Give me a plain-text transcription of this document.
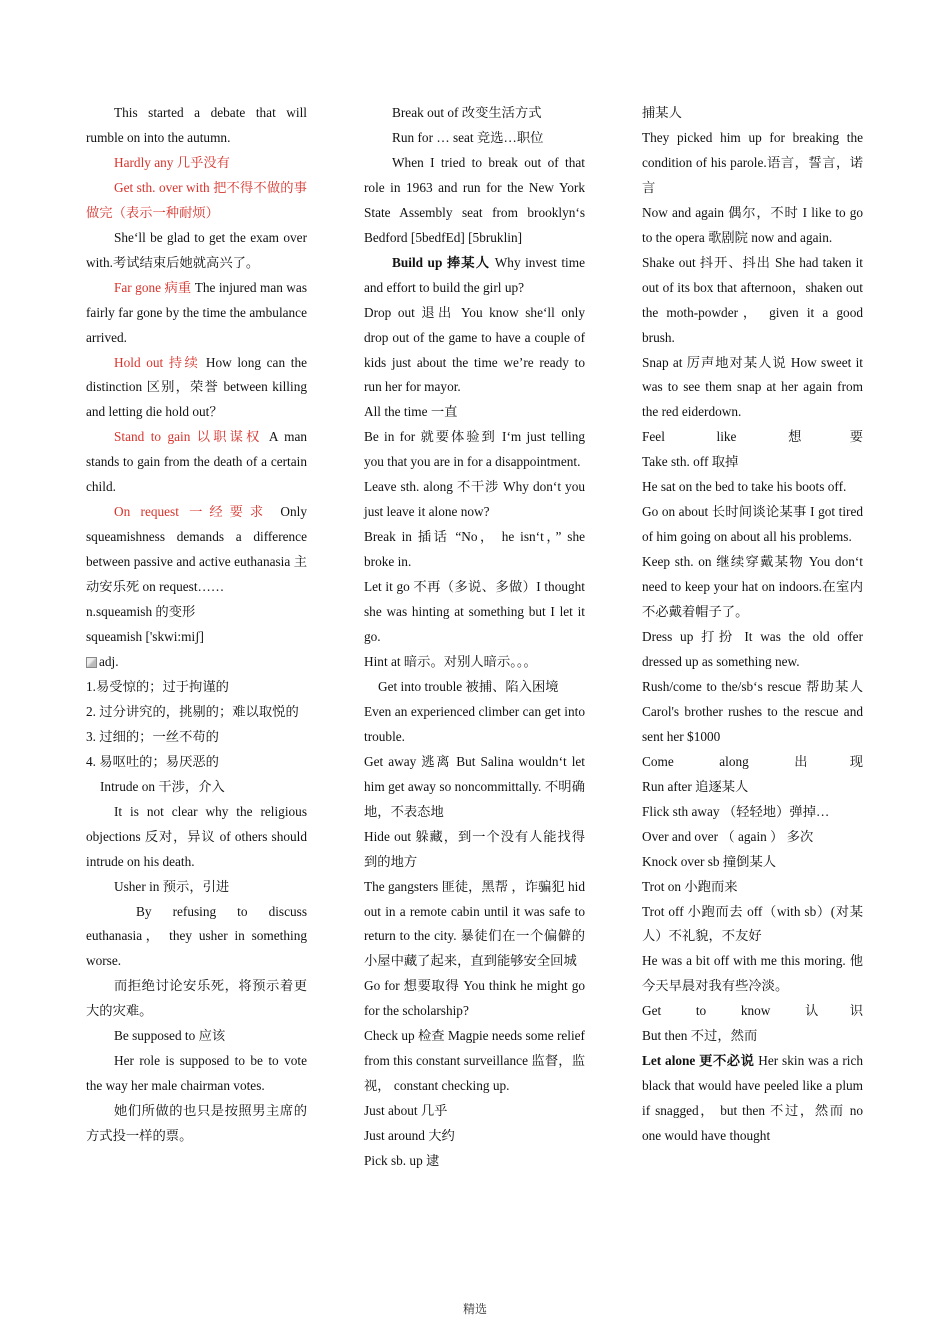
This started a debate that will rumble on into the autumn.

Hardly any 几乎没有

Get sth. over with 把不得不做的事做完（表示一种耐烦）

She‘ll be glad to get the exam over with.考试结束后她就高兴了。

Far gone 病重 The injured man was fairly far gone by the time the ambulance arrived.

Hold out 持续 How long can the distinction 区别，荣誉 between killing and letting die hold out？

Stand to gain 以职谋权 A man stands to gain from the death of a certain child.

On request 一经要求 Only squeamishness demands a difference between passive and active euthanasia 主动安乐死 on request……

n.squeamish 的变形

squeamish ['skwi:miʃ]

adj.

1.易受惊的；过于拘谨的

2. 过分讲究的，挑剔的；难以取悦的

3. 过细的；一丝不苟的

4. 易呕吐的；易厌恶的

Intrude on 干涉，介入

It is not clear why the religious objections 反对，异议 of others should intrude on his death.

Usher in 预示，引进

By refusing to discuss euthanasia， they usher in something worse.

而拒绝讨论安乐死，将预示着更大的灾难。

Be supposed to 应该

Her role is supposed to be to vote the way her male chairman votes.

她们所做的也只是按照男主席的方式投一样的票。

Break out of 改变生活方式

Run for … seat 竞选…职位

When I tried to break out of that role in 1963 and run for the New York State Assembly seat from brooklyn‘s Bedford [5bedfEd] [5bruklin]

Build up 捧某人 Why invest time and effort to build the girl up?

Drop out 退出 You know she‘ll only drop out of the game to have a couple of kids just about the time we’re ready to run her for mayor.

All the time 一直

Be in for 就要体验到 I‘m just telling you that you are in for a disappointment.

Leave sth. along 不干涉 Why don‘t you just leave it alone now?

Break in 插话 “No， he isn‘t，” she broke in.

Let it go 不再（多说、多做）I thought she was hinting at something but I let it go.

Hint at 暗示。对别人暗示。。。

Get into trouble 被捕、陷入困境

Even an experienced climber can get into trouble.

Get away 逃离 But Salina wouldn‘t let him get away so noncommittally. 不明确地，不表态地

Hide out 躲藏，到一个没有人能找得到的地方

The gangsters 匪徒，黑帮 ，诈骗犯 hid out in a remote cabin until it was safe to return to the city. 暴徒们在一个偏僻的小屋中藏了起来，直到能够安全回城

Go for 想要取得 You think he might go for the scholarship?

Check up 检查 Magpie needs some relief from this constant surveillance 监督，监视， constant checking up.

Just about 几乎

Just around 大约

Pick sb. up 逮

捕某人

They picked him up for breaking the condition of his parole.语言，誓言，诺言

Now and again 偶尔，不时 I like to go to the opera 歌剧院 now and again.

Shake out 抖开、抖出 She had taken it out of its box that afternoon，shaken out the moth-powder， given it a good brush.

Snap at 厉声地对某人说 How sweet it was to see them snap at her again from the red eiderdown.

Feel like 想要

Take sth. off 取掉

He sat on the bed to take his boots off.

Go on about 长时间谈论某事 I got tired of him going on about all his problems.

Keep sth. on 继续穿戴某物 You don‘t need to keep your hat on indoors.在室内不必戴着帽子了。

Dress up 打扮 It was the old offer dressed up as something new.

Rush/come to the/sb‘s rescue 帮助某人 Carol's brother rushes to the rescue and sent her $1000

Come along 出现

Run after 追逐某人

Flick sth away （轻轻地）弹掉…

Over and over （ again ） 多次

Knock over sb 撞倒某人

Trot on 小跑而来

Trot off 小跑而去 off（with sb）(对某人）不礼貌，不友好

He was a bit off with me this moring. 他今天早晨对我有些冷淡。

Get to know 认识

But then 不过，然而

Let alone 更不必说 Her skin was a rich black that would have peeled like a plum if snagged， but then 不过，然而 no one would have thought

精选
